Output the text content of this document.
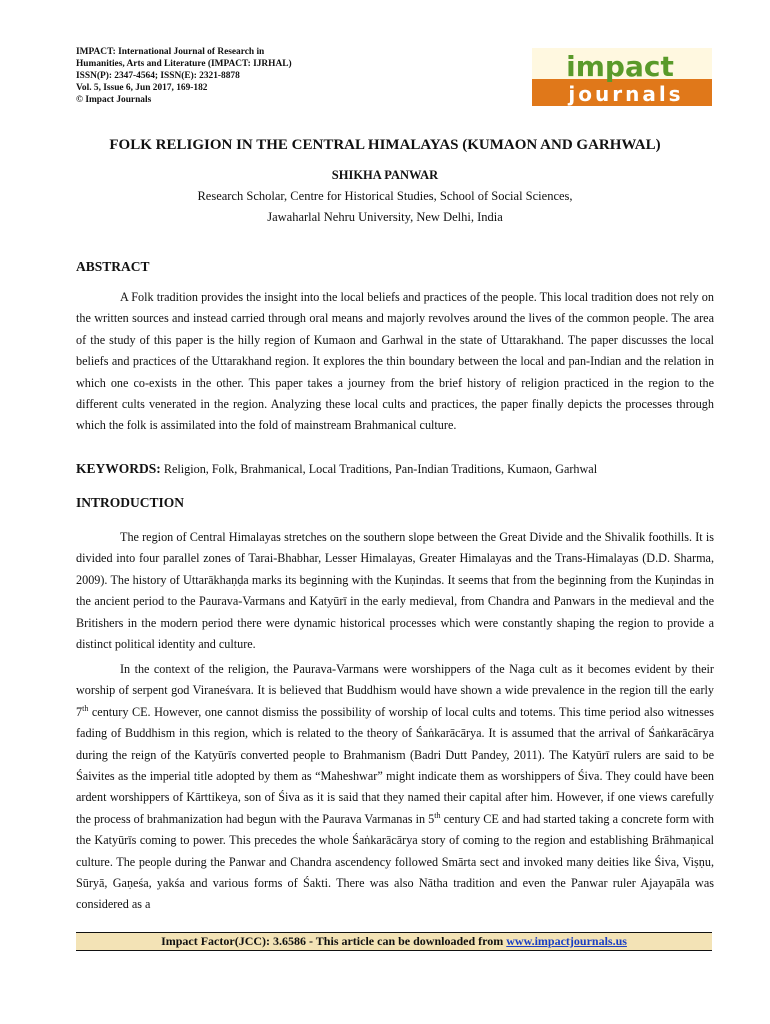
IMPACT: International Journal of Research in
Humanities, Arts and Literature (IMPACT: IJRHAL)
ISSN(P): 2347-4564; ISSN(E): 2321-8878
Vol. 5, Issue 6, Jun 2017, 169-182
© Impact Journals
impact
journals
FOLK RELIGION IN THE CENTRAL HIMALAYAS (KUMAON AND GARHWAL)
SHIKHA PANWAR
Research Scholar, Centre for Historical Studies, School of Social Sciences,
Jawaharlal Nehru University, New Delhi, India
ABSTRACT

A Folk tradition provides the insight into the local beliefs and practices of the people. This local tradition does not rely on the written sources and instead carried through oral means and majorly revolves around the lives of the common people. The area of the study of this paper is the hilly region of Kumaon and Garhwal in the state of Uttarakhand. The paper discusses the local beliefs and practices of the Uttarakhand region. It explores the thin boundary between the local and pan-Indian and the relation in which one co-exists in the other. This paper takes a journey from the brief history of religion practiced in the region to the different cults venerated in the region. Analyzing these local cults and practices, the paper finally depicts the processes through which the folk is assimilated into the fold of mainstream Brahmanical culture.

KEYWORDS: Religion, Folk, Brahmanical, Local Traditions, Pan-Indian Traditions, Kumaon, Garhwal
INTRODUCTION

The region of Central Himalayas stretches on the southern slope between the Great Divide and the Shivalik foothills. It is divided into four parallel zones of Tarai-Bhabhar, Lesser Himalayas, Greater Himalayas and the Trans-Himalayas (D.D. Sharma, 2009). The history of Uttarākhaṇḍa marks its beginning with the Kuṇindas. It seems that from the beginning from the Kuṇindas in the ancient period to the Paurava-Varmans and Katyūrī in the early medieval, from Chandra and Panwars in the medieval and the Britishers in the modern period there were dynamic historical processes which were constantly shaping the region to provide a distinct political identity and culture.

In the context of the religion, the Paurava-Varmans were worshippers of the Naga cult as it becomes evident by their worship of serpent god Viraneśvara. It is believed that Buddhism would have shown a wide prevalence in the region till the early 7th century CE. However, one cannot dismiss the possibility of worship of local cults and totems. This time period also witnesses fading of Buddhism in this region, which is related to the theory of Śaṅkarācārya. It is assumed that the arrival of Śaṅkarācārya during the reign of the Katyūrīs converted people to Brahmanism (Badri Dutt Pandey, 2011). The Katyūrī rulers are said to be Śaivites as the imperial title adopted by them as “Maheshwar” might indicate them as worshippers of Śiva. They could have been ardent worshippers of Kārttikeya, son of Śiva as it is said that they named their capital after him. However, if one views carefully the process of brahmanization had begun with the Paurava Varmanas in 5th century CE and had started taking a concrete form with the Katyūrīs coming to power. This precedes the whole Śaṅkarācārya story of coming to the region and establishing Brāhmaṇical culture. The people during the Panwar and Chandra ascendency followed Smārta sect and invoked many deities like Śiva, Viṣṇu, Sūryā, Gaṇeśa, yakśa and various forms of Śakti. There was also Nātha tradition and even the Panwar ruler Ajayapāla was considered as a

Impact Factor(JCC): 3.6586 - This article can be downloaded from www.impactjournals.us
